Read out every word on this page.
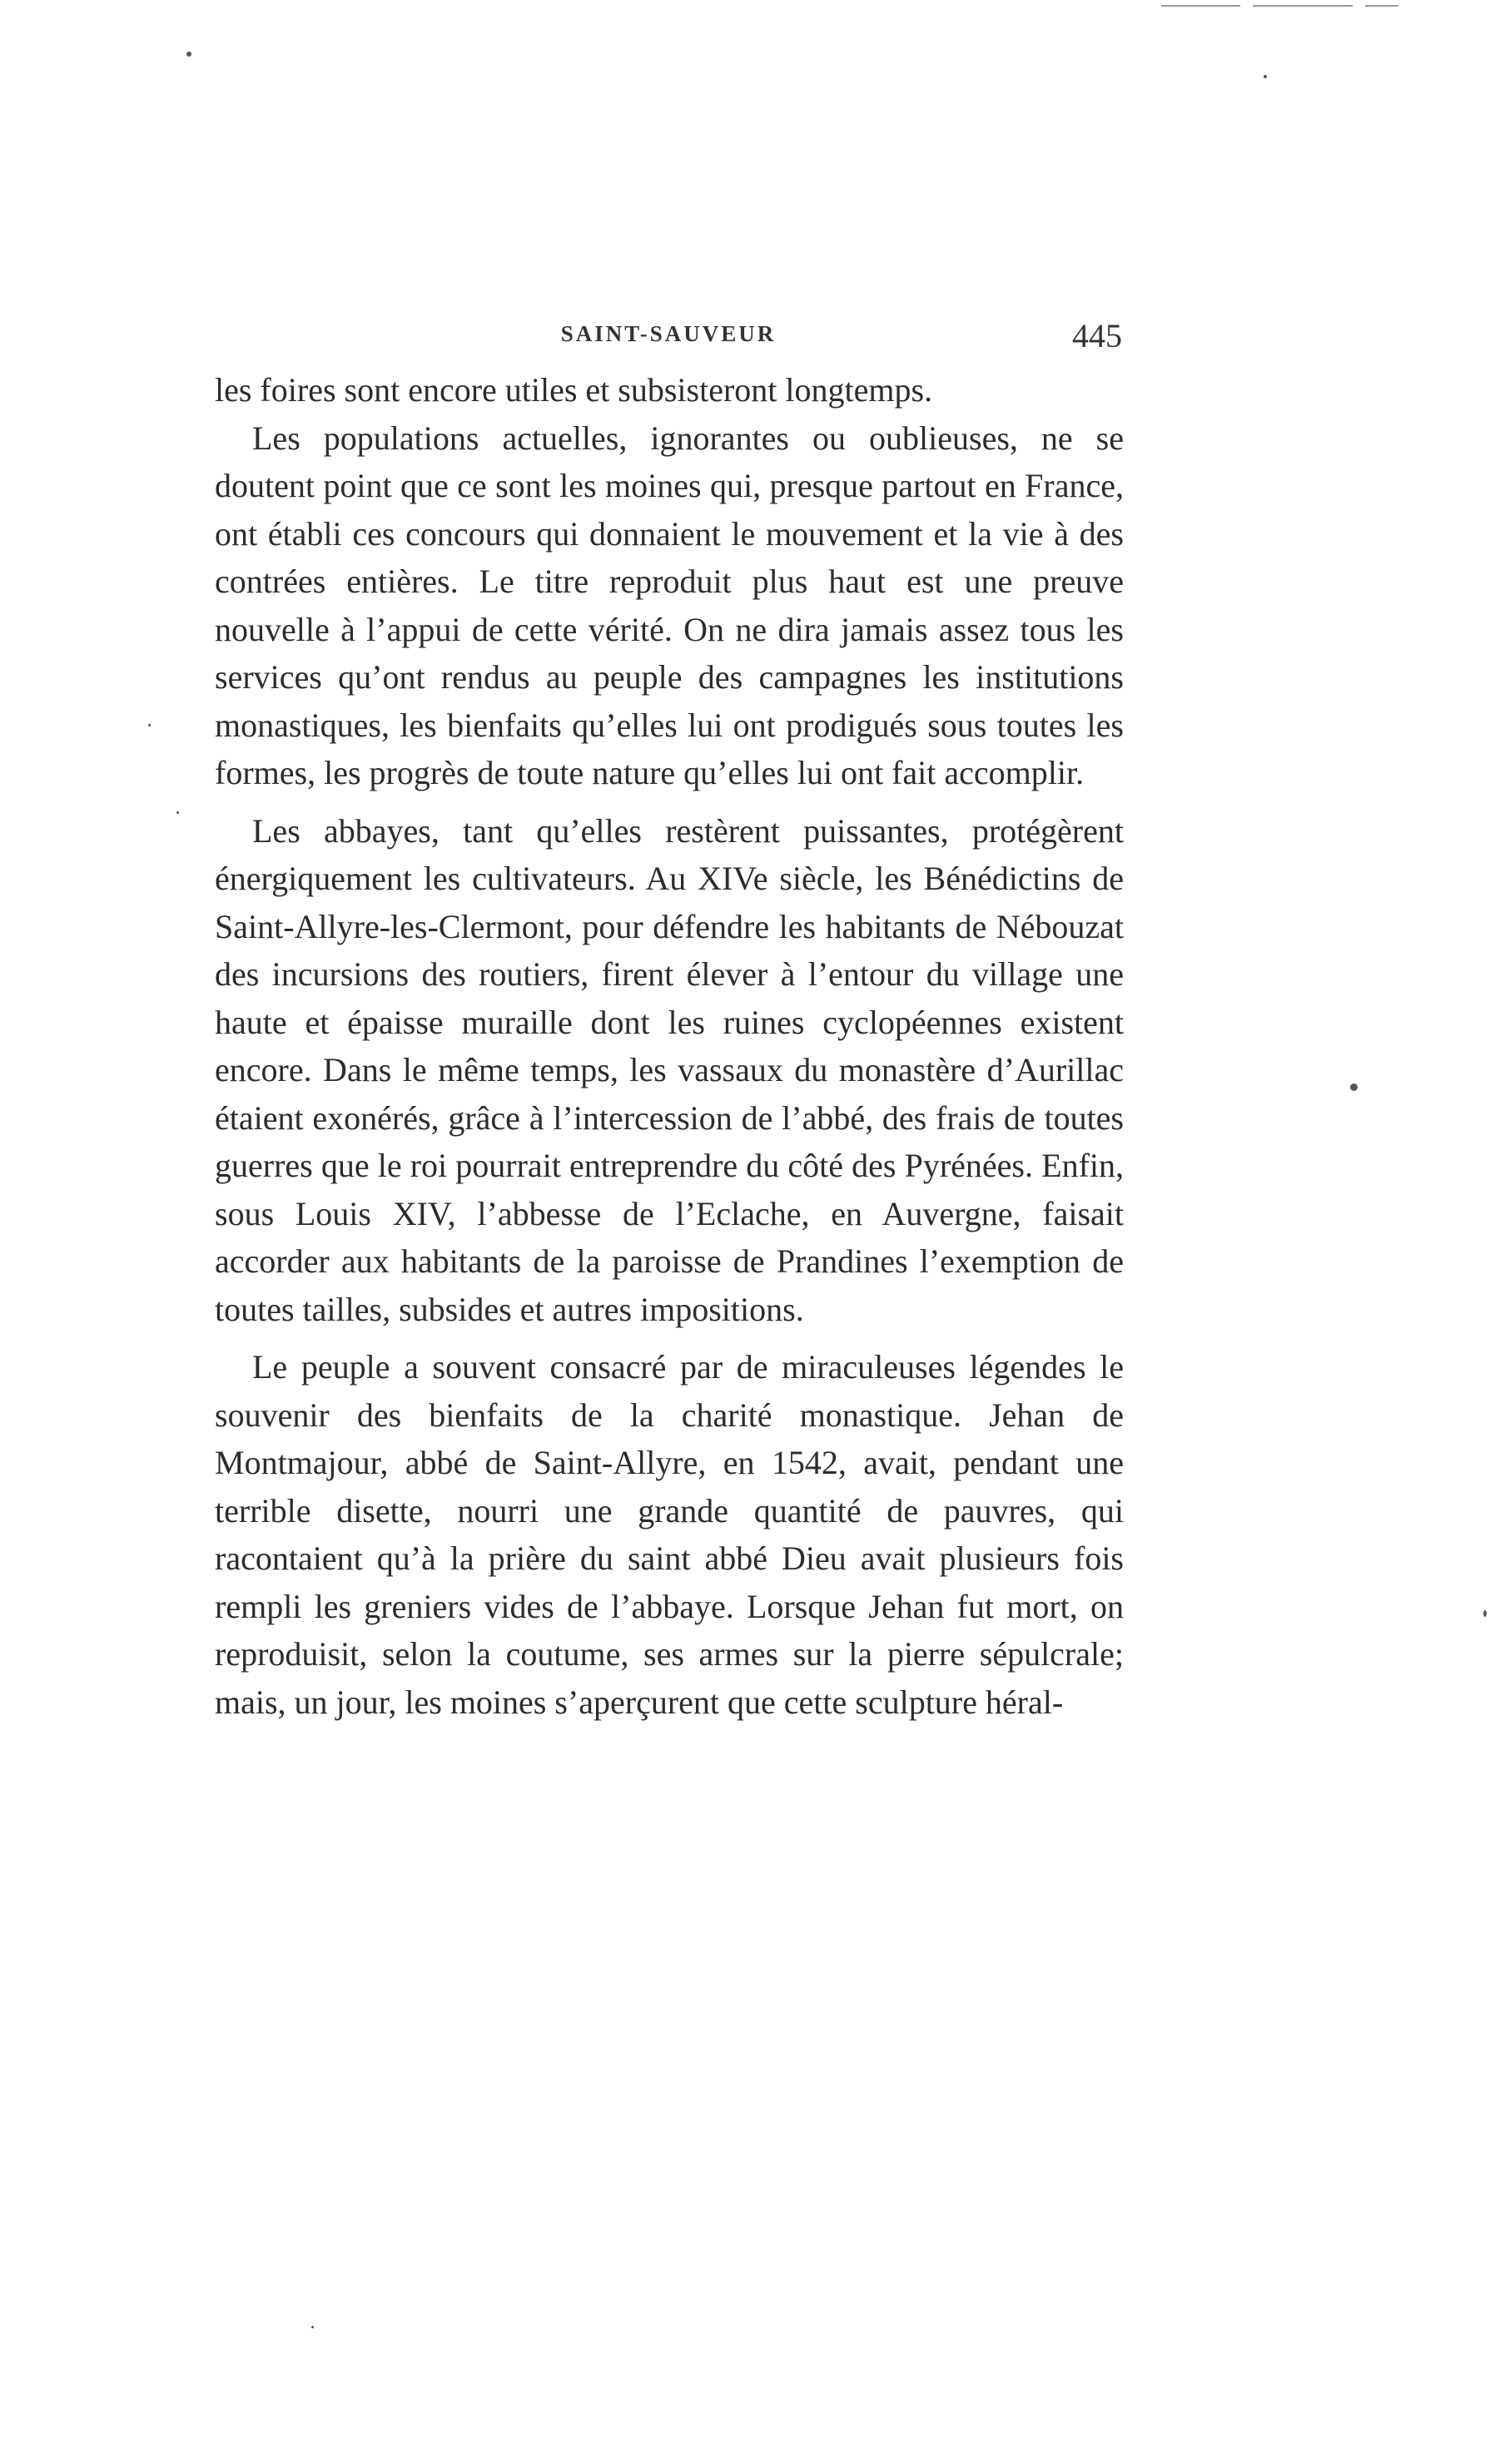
SAINT-SAUVEUR	445

les foires sont encore utiles et subsisteront longtemps.

Les populations actuelles, ignorantes ou oublieuses, ne se doutent point que ce sont les moines qui, presque partout en France, ont établi ces concours qui donnaient le mouvement et la vie à des contrées entières. Le titre reproduit plus haut est une preuve nouvelle à l’appui de cette vérité. On ne dira jamais assez tous les services qu’ont rendus au peuple des campagnes les institutions monastiques, les bienfaits qu’elles lui ont prodigués sous toutes les formes, les progrès de toute nature qu’elles lui ont fait accomplir.

Les abbayes, tant qu’elles restèrent puissantes, protégèrent énergiquement les cultivateurs. Au XIVe siècle, les Bénédictins de Saint-Allyre-les-Clermont, pour défendre les habitants de Nébouzat des incursions des routiers, firent élever à l’entour du village une haute et épaisse muraille dont les ruines cyclopéennes existent encore. Dans le même temps, les vassaux du monastère d’Aurillac étaient exonérés, grâce à l’intercession de l’abbé, des frais de toutes guerres que le roi pourrait entreprendre du côté des Pyrénées. Enfin, sous Louis XIV, l’abbesse de l’Eclache, en Auvergne, faisait accorder aux habitants de la paroisse de Prandines l’exemption de toutes tailles, subsides et autres impositions.

Le peuple a souvent consacré par de miraculeuses légendes le souvenir des bienfaits de la charité monastique. Jehan de Montmajour, abbé de Saint-Allyre, en 1542, avait, pendant une terrible disette, nourri une grande quantité de pauvres, qui racontaient qu’à la prière du saint abbé Dieu avait plusieurs fois rempli les greniers vides de l’abbaye. Lorsque Jehan fut mort, on reproduisit, selon la coutume, ses armes sur la pierre sépulcrale; mais, un jour, les moines s’aperçurent que cette sculpture héral-
